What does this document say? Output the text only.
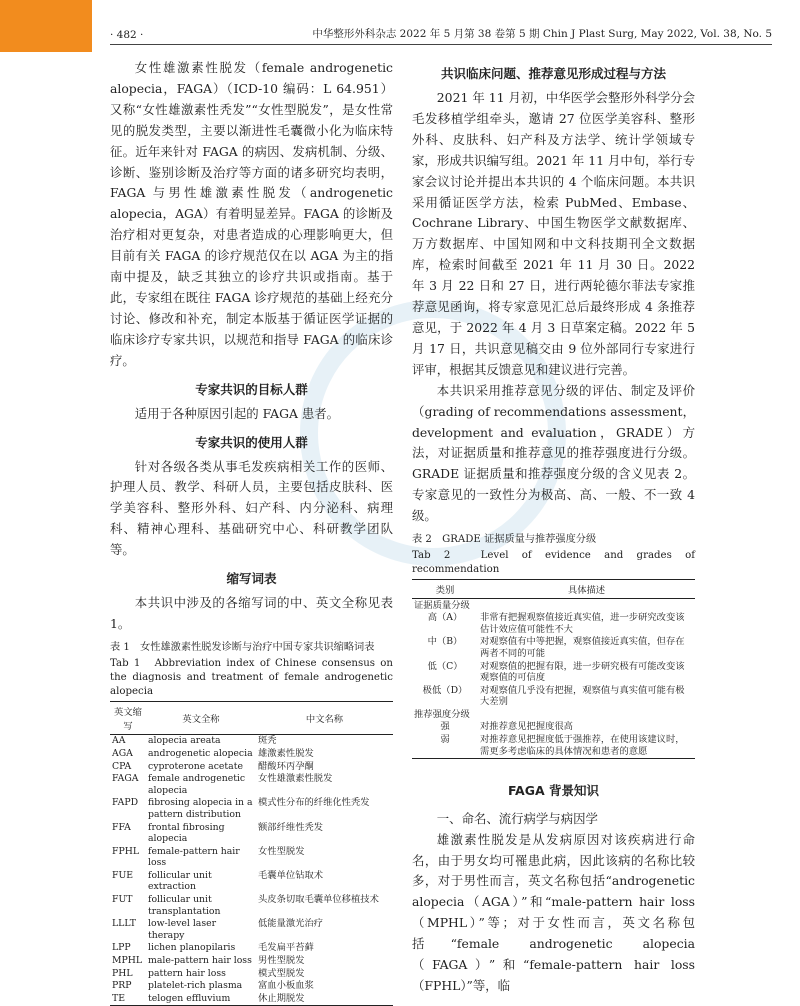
· 482 ·	中华整形外科杂志 2022 年 5 月第 38 卷第 5 期 Chin J Plast Surg, May 2022, Vol. 38, No. 5

女性雄激素性脱发（female androgenetic alopecia，FAGA）（ICD-10 编码：L 64.951）又称“女性雄激素性秃发”“女性型脱发”，是女性常见的脱发类型，主要以渐进性毛囊微小化为临床特征。近年来针对 FAGA 的病因、发病机制、分级、诊断、鉴别诊断及治疗等方面的诸多研究均表明，FAGA 与男性雄激素性脱发（androgenetic alopecia，AGA）有着明显差异。FAGA 的诊断及治疗相对更复杂，对患者造成的心理影响更大，但目前有关 FAGA 的诊疗规范仅在以 AGA 为主的指南中提及，缺乏其独立的诊疗共识或指南。基于此，专家组在既往 FAGA 诊疗规范的基础上经充分讨论、修改和补充，制定本版基于循证医学证据的临床诊疗专家共识，以规范和指导 FAGA 的临床诊疗。

专家共识的目标人群

适用于各种原因引起的 FAGA 患者。

专家共识的使用人群

针对各级各类从事毛发疾病相关工作的医师、护理人员、教学、科研人员，主要包括皮肤科、医学美容科、整形外科、妇产科、内分泌科、病理科、精神心理科、基础研究中心、科研教学团队等。

缩写词表

本共识中涉及的各缩写词的中、英文全称见表 1。

表 1　女性雄激素性脱发诊断与治疗中国专家共识缩略词表

Tab 1　Abbreviation index of Chinese consensus on the diagnosis and treatment of female androgenetic alopecia

英文缩写	英文全称	中文名称
AA	alopecia areata	斑秃
AGA	androgenetic alopecia	雄激素性脱发
CPA	cyproterone acetate	醋酸环丙孕酮
FAGA	female androgenetic alopecia	女性雄激素性脱发
FAPD	fibrosing alopecia in a pattern distribution	模式性分布的纤维化性秃发
FFA	frontal fibrosing alopecia	额部纤维性秃发
FPHL	female-pattern hair loss	女性型脱发
FUE	follicular unit extraction	毛囊单位钻取术
FUT	follicular unit transplantation	头皮条切取毛囊单位移植技术
LLLT	low-level laser therapy	低能量激光治疗
LPP	lichen planopilaris	毛发扁平苔藓
MPHL	male-pattern hair loss	男性型脱发
PHL	pattern hair loss	模式型脱发
PRP	platelet-rich plasma	富血小板血浆
TE	telogen effluvium	休止期脱发
共识临床问题、推荐意见形成过程与方法

2021 年 11 月初，中华医学会整形外科学分会毛发移植学组牵头，邀请 27 位医学美容科、整形外科、皮肤科、妇产科及方法学、统计学领域专家，形成共识编写组。2021 年 11 月中旬，举行专家会议讨论并提出本共识的 4 个临床问题。本共识采用循证医学方法，检索 PubMed、Embase、Cochrane Library、中国生物医学文献数据库、万方数据库、中国知网和中文科技期刊全文数据库，检索时间截至 2021 年 11 月 30 日。2022 年 3 月 22 日和 27 日，进行两轮德尔菲法专家推荐意见函询，将专家意见汇总后最终形成 4 条推荐意见，于 2022 年 4 月 3 日草案定稿。2022 年 5 月 17 日，共识意见稿交由 9 位外部同行专家进行评审，根据其反馈意见和建议进行完善。

本共识采用推荐意见分级的评估、制定及评价（grading of recommendations assessment，development and evaluation，GRADE）方法，对证据质量和推荐意见的推荐强度进行分级。GRADE 证据质量和推荐强度分级的含义见表 2。专家意见的一致性分为极高、高、一般、不一致 4 级。

表 2　GRADE 证据质量与推荐强度分级

Tab 2　Level of evidence and grades of recommendation

类别	具体描述
证据质量分级	
高（A）	非常有把握观察值接近真实值，进一步研究改变该估计效应值可能性不大
中（B）	对观察值有中等把握，观察值接近真实值，但存在两者不同的可能
低（C）	对观察值的把握有限，进一步研究极有可能改变该观察值的可信度
极低（D）	对观察值几乎没有把握，观察值与真实值可能有极大差别
推荐强度分级	
强	对推荐意见把握度很高
弱	对推荐意见把握度低于强推荐，在使用该建议时，需更多考虑临床的具体情况和患者的意愿
FAGA 背景知识

一、命名、流行病学与病因学

雄激素性脱发是从发病原因对该疾病进行命名，由于男女均可罹患此病，因此该病的名称比较多，对于男性而言，英文名称包括“androgenetic alopecia（AGA）”和“male-pattern hair loss（MPHL）”等；对于女性而言，英文名称包括“female androgenetic alopecia（FAGA）”和“female-pattern hair loss（FPHL）”等，临
